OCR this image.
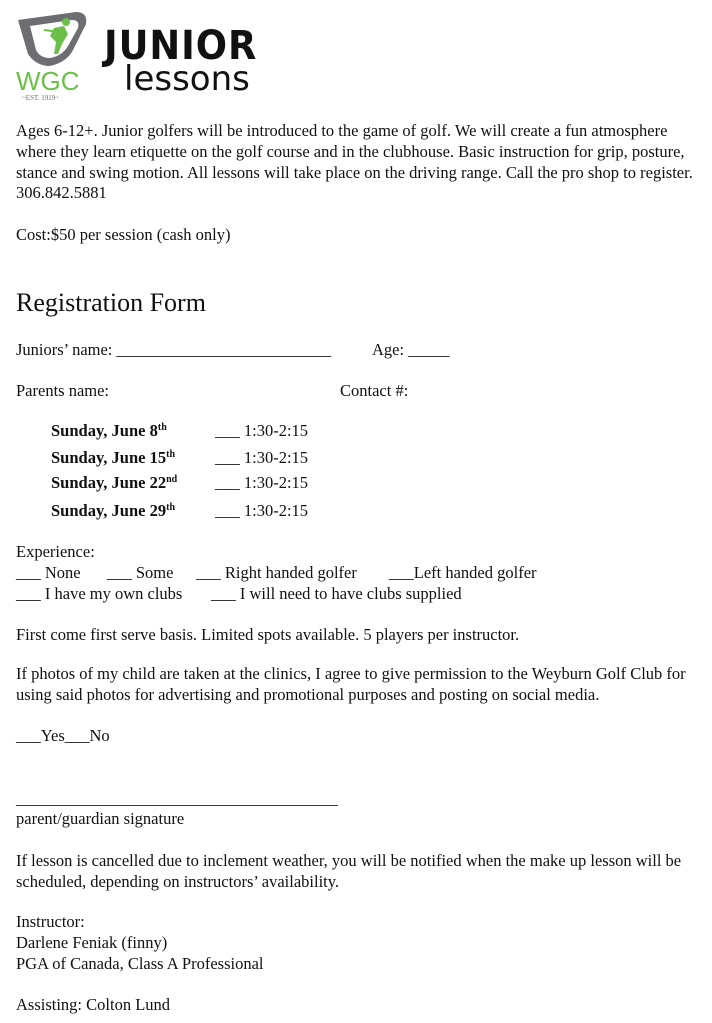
WGC
~EST. 1919~
JUNIOR
lessons
Ages 6-12+. Junior golfers will be introduced to the game of golf. We will create a fun atmosphere where they learn etiquette on the golf course and in the clubhouse. Basic instruction for grip, posture, stance and swing motion. All lessons will take place on the driving range. Call the pro shop to register. 306.842.5881
Cost:$50 per session (cash only)
Registration Form
Juniors’ name: __________________________ Age: _____
Parents name:	Contact #:
Sunday, June 8th	___ 1:30-2:15
Sunday, June 15th ___ 1:30-2:15
Sunday, June 22nd ___ 1:30-2:15
Sunday, June 29th ___ 1:30-2:15
Experience:
___ None ___ Some ___ Right handed golfer ___Left handed golfer
___ I have my own clubs ___ I will need to have clubs supplied
First come first serve basis. Limited spots available. 5 players per instructor.
If photos of my child are taken at the clinics, I agree to give permission to the Weyburn Golf Club for using said photos for advertising and promotional purposes and posting on social media.
___Yes___No
_______________________________________
parent/guardian signature
If lesson is cancelled due to inclement weather, you will be notified when the make up lesson will be scheduled, depending on instructors’ availability.
Instructor:
Darlene Feniak (finny)
PGA of Canada, Class A Professional
Assisting: Colton Lund
